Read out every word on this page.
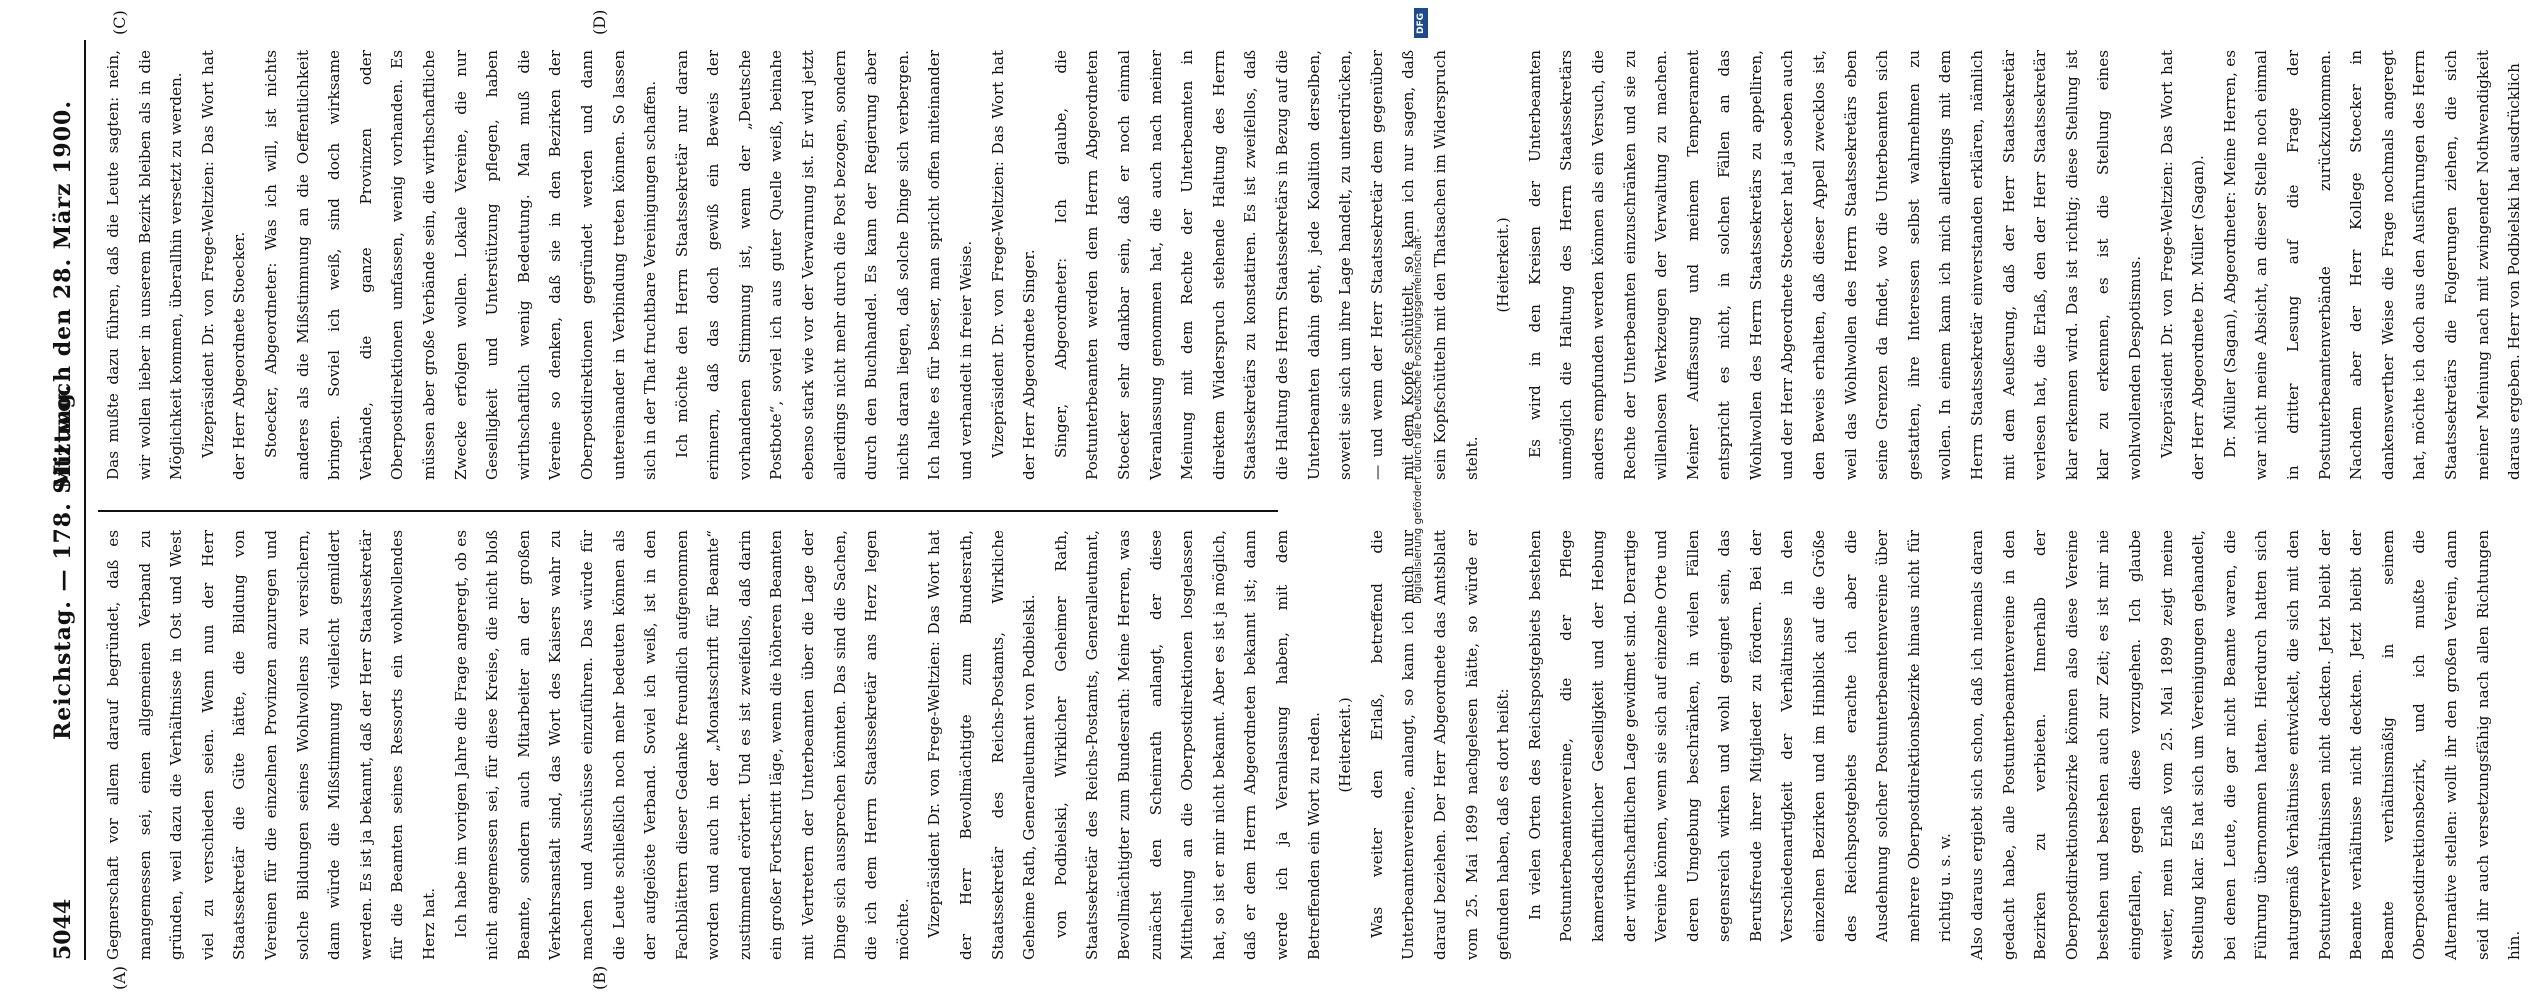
5044
Reichstag. — 178. Sitzung.
Mittwoch den 28. März 1900.

Gegnerschaft vor allem darauf begründet, daß es mangemessen sei, einen allgemeinen Verband zu gründen, weil dazu die Verhältnisse in Ost und West viel zu verschieden seien. Wenn nun der Herr Staatssekretär die Güte hätte, die Bildung von Vereinen für die einzelnen Provinzen anzuregen und solche Bildungen seines Wohlwollens zu versichern, dann würde die Mißstimmung vielleicht gemildert werden. Es ist ja bekannt, daß der Herr Staatssekretär für die Beamten seines Ressorts ein wohlwollendes Herz hat. Ich habe im vorigen Jahre die Frage angeregt, ob es nicht angemessen sei, für diese Kreise, die nicht bloß Beamte, sondern auch Mitarbeiter an der großen Verkehrsanstalt sind, das Wort des Kaisers wahr zu machen und Ausschüsse einzuführen. Das würde für die Leute schließlich noch mehr bedeuten können als der aufgelöste Verband. Soviel ich weiß, ist in den Fachblättern dieser Gedanke freundlich aufgenommen worden und auch in der „Monatsschrift für Beamte“ zustimmend erörtert. Und es ist zweifellos, daß darin ein großer Fortschritt läge, wenn die höheren Beamten mit Vertretern der Unterbeamten über die Lage der Dinge sich aussprechen könnten. Das sind die Sachen, die ich dem Herrn Staatssekretär ans Herz legen möchte. Vizepräsident Dr. von Frege-Weltzien: Das Wort hat der Herr Bevollmächtigte zum Bundesrath, Staatssekretär des Reichs-Postamts, Wirkliche Geheime Rath, Generalleutnant von Podbielski. von Podbielski, Wirklicher Geheimer Rath, Staatssekretär des Reichs-Postamts, Generalleutnant, Bevollmächtigter zum Bundesrath: Meine Herren, was zunächst den Scheinrath anlangt, der diese Mittheilung an die Oberpostdirektionen losgelassen hat, so ist er mir nicht bekannt. Aber es ist ja möglich, daß er dem Herrn Abgeordneten bekannt ist; dann werde ich ja Veranlassung haben, mit dem Betreffenden ein Wort zu reden. (Heiterkeit.) Was weiter den Erlaß, betreffend die Unterbeamtenvereine, anlangt, so kann ich mich nur darauf beziehen. Der Herr Abgeordnete das Amtsblatt vom 25. Mai 1899 nachgelesen hätte, so würde er gefunden haben, daß es dort heißt: In vielen Orten des Reichspostgebiets bestehen Postunterbeamtenvereine, die der Pflege kameradschaftlicher Geselligkeit und der Hebung der wirthschaftlichen Lage gewidmet sind. Derartige Vereine können, wenn sie sich auf einzelne Orte und deren Umgebung beschränken, in vielen Fällen segensreich wirken und wohl geeignet sein, das Berufsfreude ihrer Mitglieder zu fördern. Bei der Verschiedenartigkeit der Verhältnisse in den einzelnen Bezirken und im Hinblick auf die Größe des Reichspostgebiets erachte ich aber die Ausdehnung solcher Postunterbeamtenvereine über mehrere Oberpostdirektionsbezirke hinaus nicht für richtig u. s. w. Also daraus ergiebt sich schon, daß ich niemals daran gedacht habe, alle Postunterbeamtenvereine in den Bezirken zu verbieten. Innerhalb der Oberpostdirektionsbezirke können also diese Vereine bestehen und bestehen auch zur Zeit; es ist mir nie eingefallen, gegen diese vorzugehen. Ich glaube weiter, mein Erlaß vom 25. Mai 1899 zeigt meine Stellung klar. Es hat sich um Vereinigungen gehandelt, bei denen Leute, die gar nicht Beamte waren, die Führung übernommen hatten. Hierdurch hatten sich naturgemäß Verhältnisse entwickelt, die sich mit den Postunterverhältnissen nicht deckten. Jetzt bleibt der Beamte verhältnisse nicht deckten. Jetzt bleibt der Beamte verhältnismäßig in seinem Oberpostdirektionsbezirk, und ich mußte die Alternative stellen: wollt ihr den großen Verein, dann seid ihr auch versetzungsfähig nach allen Richtungen hin.

Das mußte dazu führen, daß die Leute sagten: nein, wir wollen lieber in unserem Bezirk bleiben als in die Möglichkeit kommen, überallhin versetzt zu werden. Vizepräsident Dr. von Frege-Weltzien: Das Wort hat der Herr Abgeordnete Stoecker. Stoecker, Abgeordneter: Was ich will, ist nichts anderes als die Mißstimmung an die Oeffentlichkeit bringen. Soviel ich weiß, sind doch wirksame Verbände, die ganze Provinzen oder Oberpostdirektionen umfassen, wenig vorhanden. Es müssen aber große Verbände sein, die wirthschaftliche Zwecke erfolgen wollen. Lokale Vereine, die nur Geselligkeit und Unterstützung pflegen, haben wirthschaftlich wenig Bedeutung. Man muß die Vereine so denken, daß sie in den Bezirken der Oberpostdirektionen gegründet werden und dann untereinander in Verbindung treten können. So lassen sich in der That fruchtbare Vereinigungen schaffen. Ich möchte den Herrn Staatssekretär nur daran erinnern, daß das doch gewiß ein Beweis der vorhandenen Stimmung ist, wenn der „Deutsche Postbote“, soviel ich aus guter Quelle weiß, beinahe ebenso stark wie vor der Verwarnung ist. Er wird jetzt allerdings nicht mehr durch die Post bezogen, sondern durch den Buchhandel. Es kann der Regierung aber nichts daran liegen, daß solche Dinge sich verbergen. Ich halte es für besser, man spricht offen miteinander und verhandelt in freier Weise. Vizepräsident Dr. von Frege-Weltzien: Das Wort hat der Herr Abgeordnete Singer. Singer, Abgeordneter: Ich glaube, die Postunterbeamten werden dem Herrn Abgeordneten Stoecker sehr dankbar sein, daß er noch einmal Veranlassung genommen hat, die auch nach meiner Meinung mit dem Rechte der Unterbeamten in direktem Widerspruch stehende Haltung des Herrn Staatssekretärs zu konstatiren. Es ist zweifellos, daß die Haltung des Herrn Staatssekretärs in Bezug auf die Unterbeamten dahin geht, jede Koalition derselben, soweit sie sich um ihre Lage handelt, zu unterdrücken, — und wenn der Herr Staatssekretär dem gegenüber mit dem Kopfe schüttelt, so kann ich nur sagen, daß sein Kopfschütteln mit den Thatsachen im Widerspruch steht.

(Heiterkeit.) Es wird in den Kreisen der Unterbeamten unmöglich die Haltung des Herrn Staatssekretärs anders empfunden werden können als ein Versuch, die Rechte der Unterbeamten einzuschränken und sie zu willenlosen Werkzeugen der Verwaltung zu machen. Meiner Auffassung und meinem Temperament entspricht es nicht, in solchen Fällen an das Wohlwollen des Herrn Staatssekretärs zu appelliren, und der Herr Abgeordnete Stoecker hat ja soeben auch den Beweis erhalten, daß dieser Appell zwecklos ist, weil das Wohlwollen des Herrn Staatssekretärs eben seine Grenzen da findet, wo die Unterbeamten sich gestatten, ihre Interessen selbst wahrnehmen zu wollen. In einem kann ich mich allerdings mit dem Herrn Staatssekretär einverstanden erklären, nämlich mit dem Aeußerung, daß der Herr Staatssekretär verlesen hat, die Erlaß, den der Herr Staatssekretär klar erkennen wird. Das ist richtig; diese Stellung ist klar zu erkennen, es ist die Stellung eines wohlwollenden Despotismus. Vizepräsident Dr. von Frege-Weltzien: Das Wort hat der Herr Abgeordnete Dr. Müller (Sagan). Dr. Müller (Sagan), Abgeordneter: Meine Herren, es war nicht meine Absicht, an dieser Stelle noch einmal in dritter Lesung auf die Frage der Postunterbeamtenverbände zurückzukommen. Nachdem aber der Herr Kollege Stoecker in dankenswerther Weise die Frage nochmals angeregt hat, möchte ich doch aus den Ausführungen des Herrn Staatssekretärs die Folgerungen ziehen, die sich meiner Meinung nach mit zwingender Nothwendigkeit daraus ergeben. Herr von Podbielski hat ausdrücklich

(A)	(B)
(C)	(D)	DFG
Digitalisierung gefördert durch die Deutsche Forschungsgemeinschaft -
